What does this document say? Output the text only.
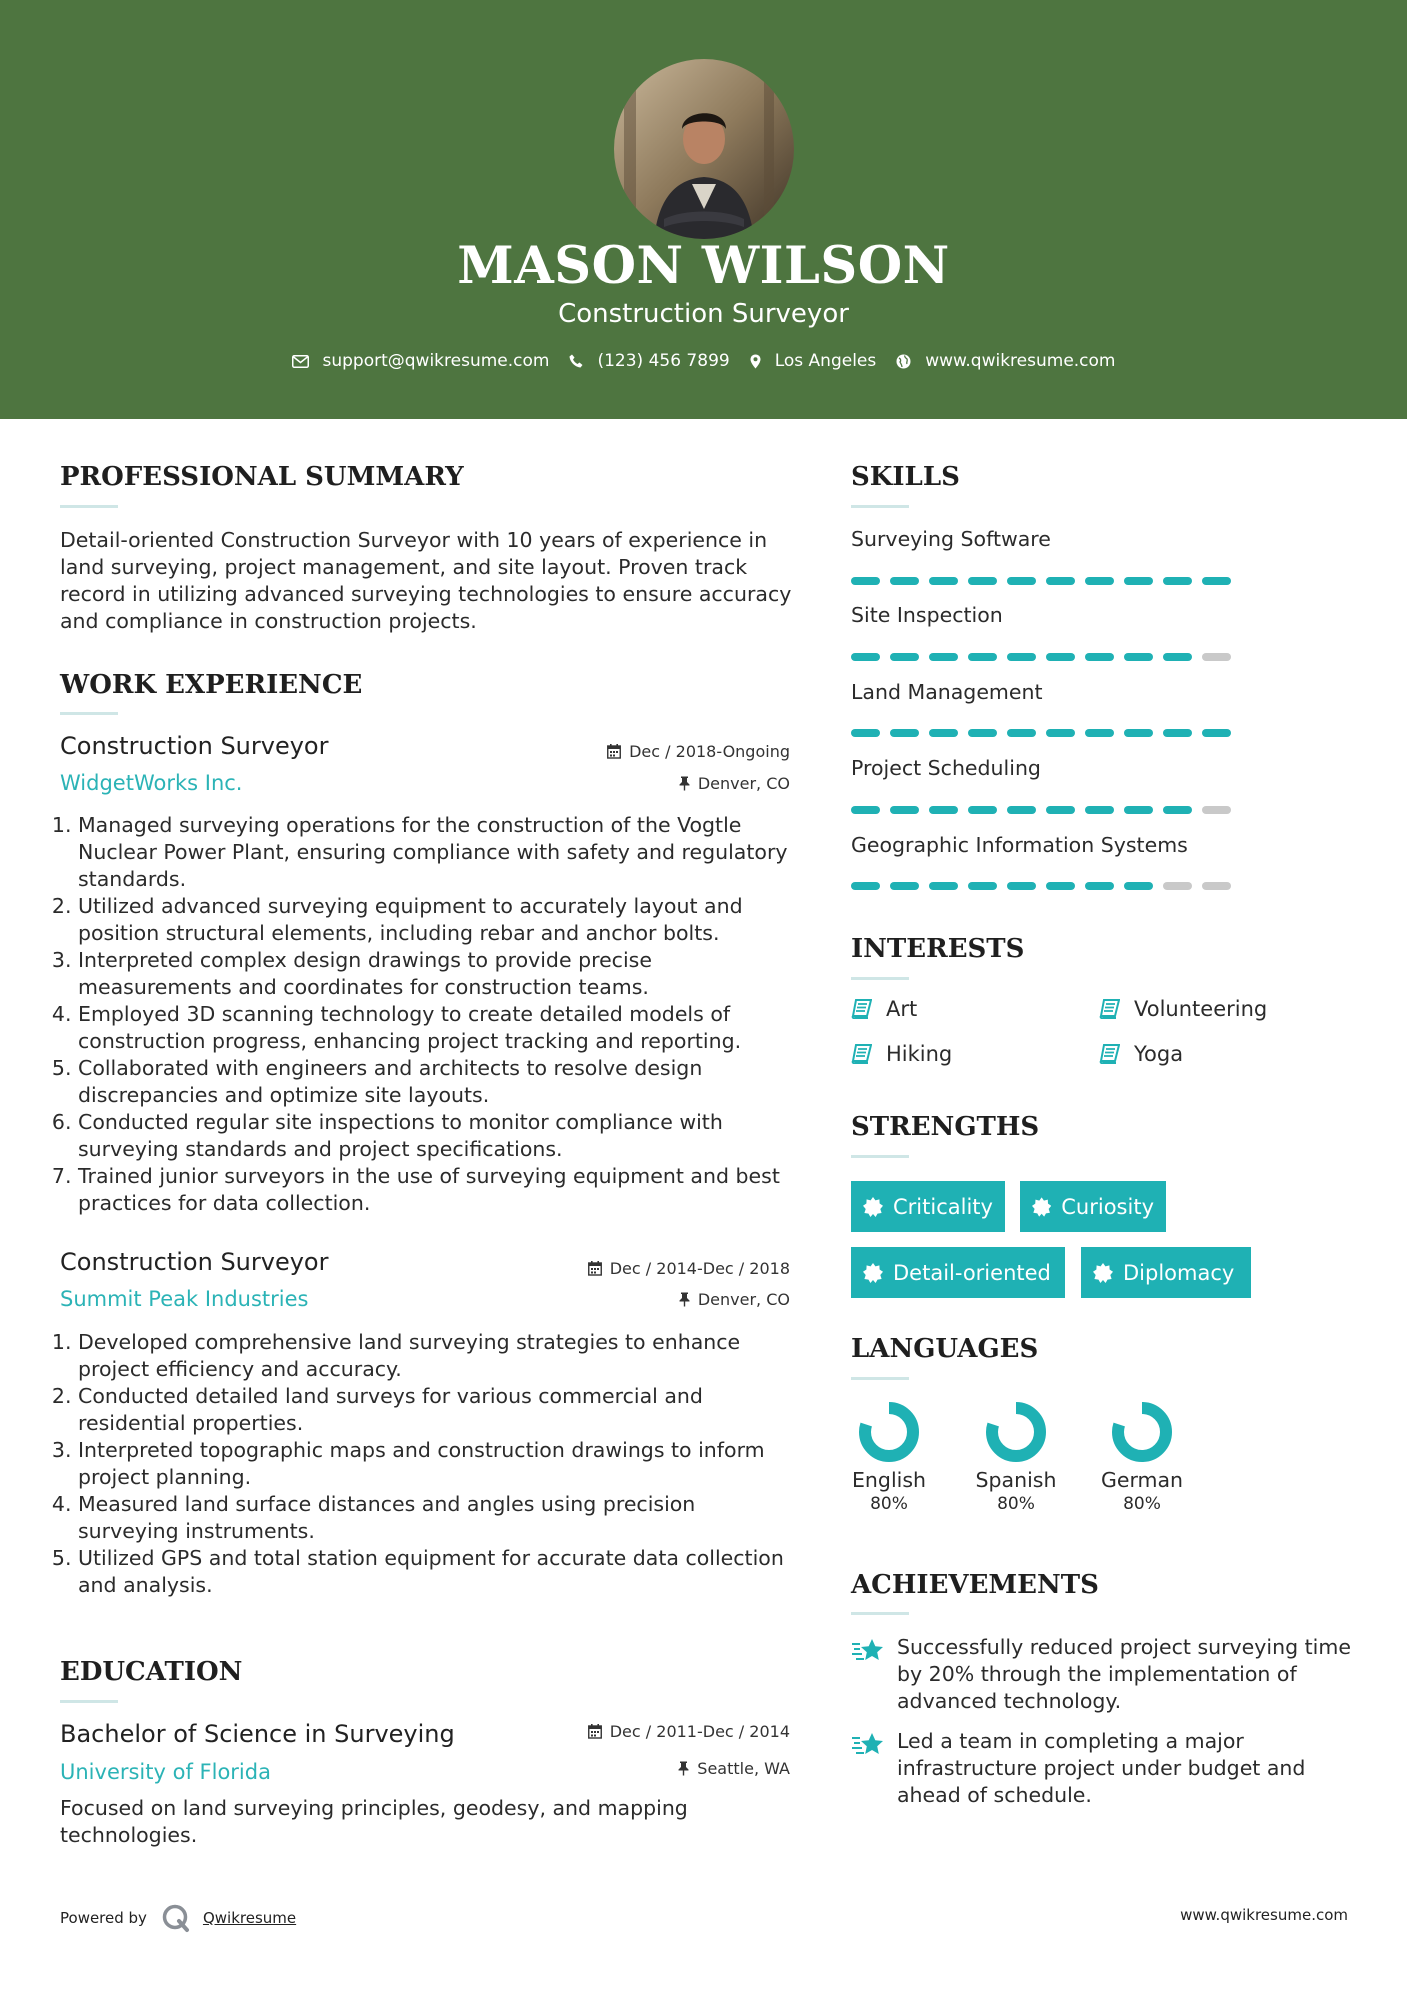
MASON WILSON
Construction Surveyor
support@qwikresume.com	(123) 456 7899	Los Angeles	www.qwikresume.com
PROFESSIONAL SUMMARY
Detail-oriented Construction Surveyor with 10 years of experience in land surveying, project management, and site layout. Proven track record in utilizing advanced surveying technologies to ensure accuracy and compliance in construction projects.
WORK EXPERIENCE
Construction Surveyor
WidgetWorks Inc.
Dec / 2018-Ongoing
Denver, CO
1. Managed surveying operations for the construction of the Vogtle Nuclear Power Plant, ensuring compliance with safety and regulatory standards.
2. Utilized advanced surveying equipment to accurately layout and position structural elements, including rebar and anchor bolts.
3. Interpreted complex design drawings to provide precise measurements and coordinates for construction teams.
4. Employed 3D scanning technology to create detailed models of construction progress, enhancing project tracking and reporting.
5. Collaborated with engineers and architects to resolve design discrepancies and optimize site layouts.
6. Conducted regular site inspections to monitor compliance with surveying standards and project specifications.
7. Trained junior surveyors in the use of surveying equipment and best practices for data collection.
Construction Surveyor
Summit Peak Industries
Dec / 2014-Dec / 2018
Denver, CO
1. Developed comprehensive land surveying strategies to enhance project efficiency and accuracy.
2. Conducted detailed land surveys for various commercial and residential properties.
3. Interpreted topographic maps and construction drawings to inform project planning.
4. Measured land surface distances and angles using precision surveying instruments.
5. Utilized GPS and total station equipment for accurate data collection and analysis.
EDUCATION
Bachelor of Science in Surveying
University of Florida
Dec / 2011-Dec / 2014
Seattle, WA
Focused on land surveying principles, geodesy, and mapping technologies.
SKILLS
Surveying Software
Site Inspection
Land Management
Project Scheduling
Geographic Information Systems
INTERESTS
Art	Volunteering
Hiking	Yoga
STRENGTHS
Criticality	Curiosity
Detail-oriented	Diplomacy
LANGUAGES
English
80%
Spanish
80%
German
80%
ACHIEVEMENTS
Successfully reduced project surveying time by 20% through the implementation of advanced technology.
Led a team in completing a major infrastructure project under budget and ahead of schedule.
Powered by	Qwikresume	www.qwikresume.com
